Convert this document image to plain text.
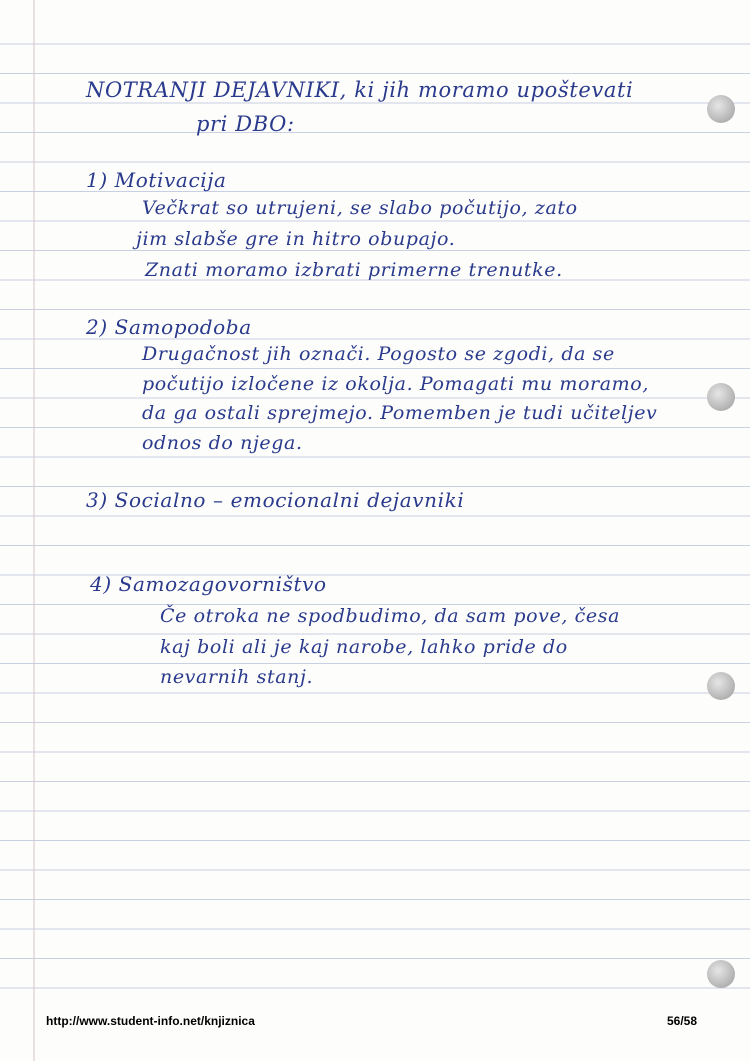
NOTRANJI DEJAVNIKI, ki jih moramo upoštevati
pri DBO:
1) Motivacija
Večkrat so utrujeni, se slabo počutijo, zato
jim slabše gre in hitro obupajo.
Znati moramo izbrati primerne trenutke.
2) Samopodoba
Drugačnost jih označi. Pogosto se zgodi, da se
počutijo izločene iz okolja. Pomagati mu moramo,
da ga ostali sprejmejo. Pomemben je tudi učiteljev
odnos do njega.
3) Socialno – emocionalni dejavniki
4) Samozagovorništvo
Če otroka ne spodbudimo, da sam pove, česa
kaj boli ali je kaj narobe, lahko pride do
nevarnih stanj.
http://www.student-info.net/knjiznica	56/58
